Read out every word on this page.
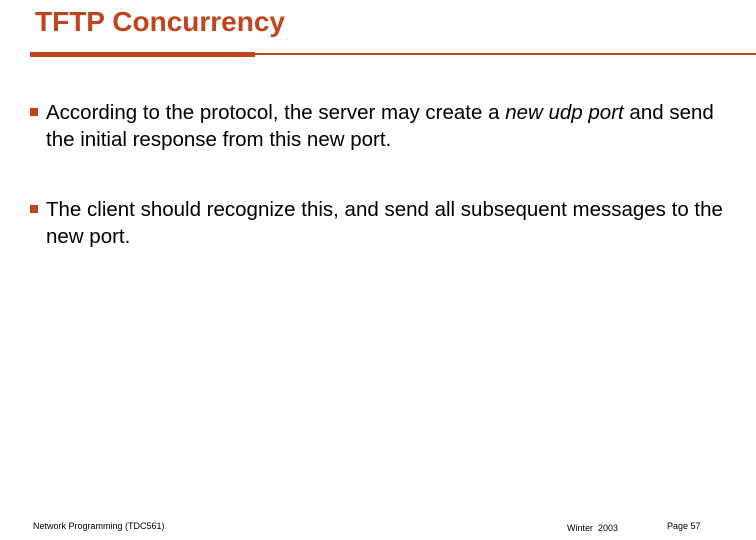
TFTP Concurrency
According to the protocol, the server may create a new udp port and send the initial response from this new port.
The client should recognize this, and send all subsequent messages to the new port.
Network Programming (TDC561)	Winter  2003	Page 57
